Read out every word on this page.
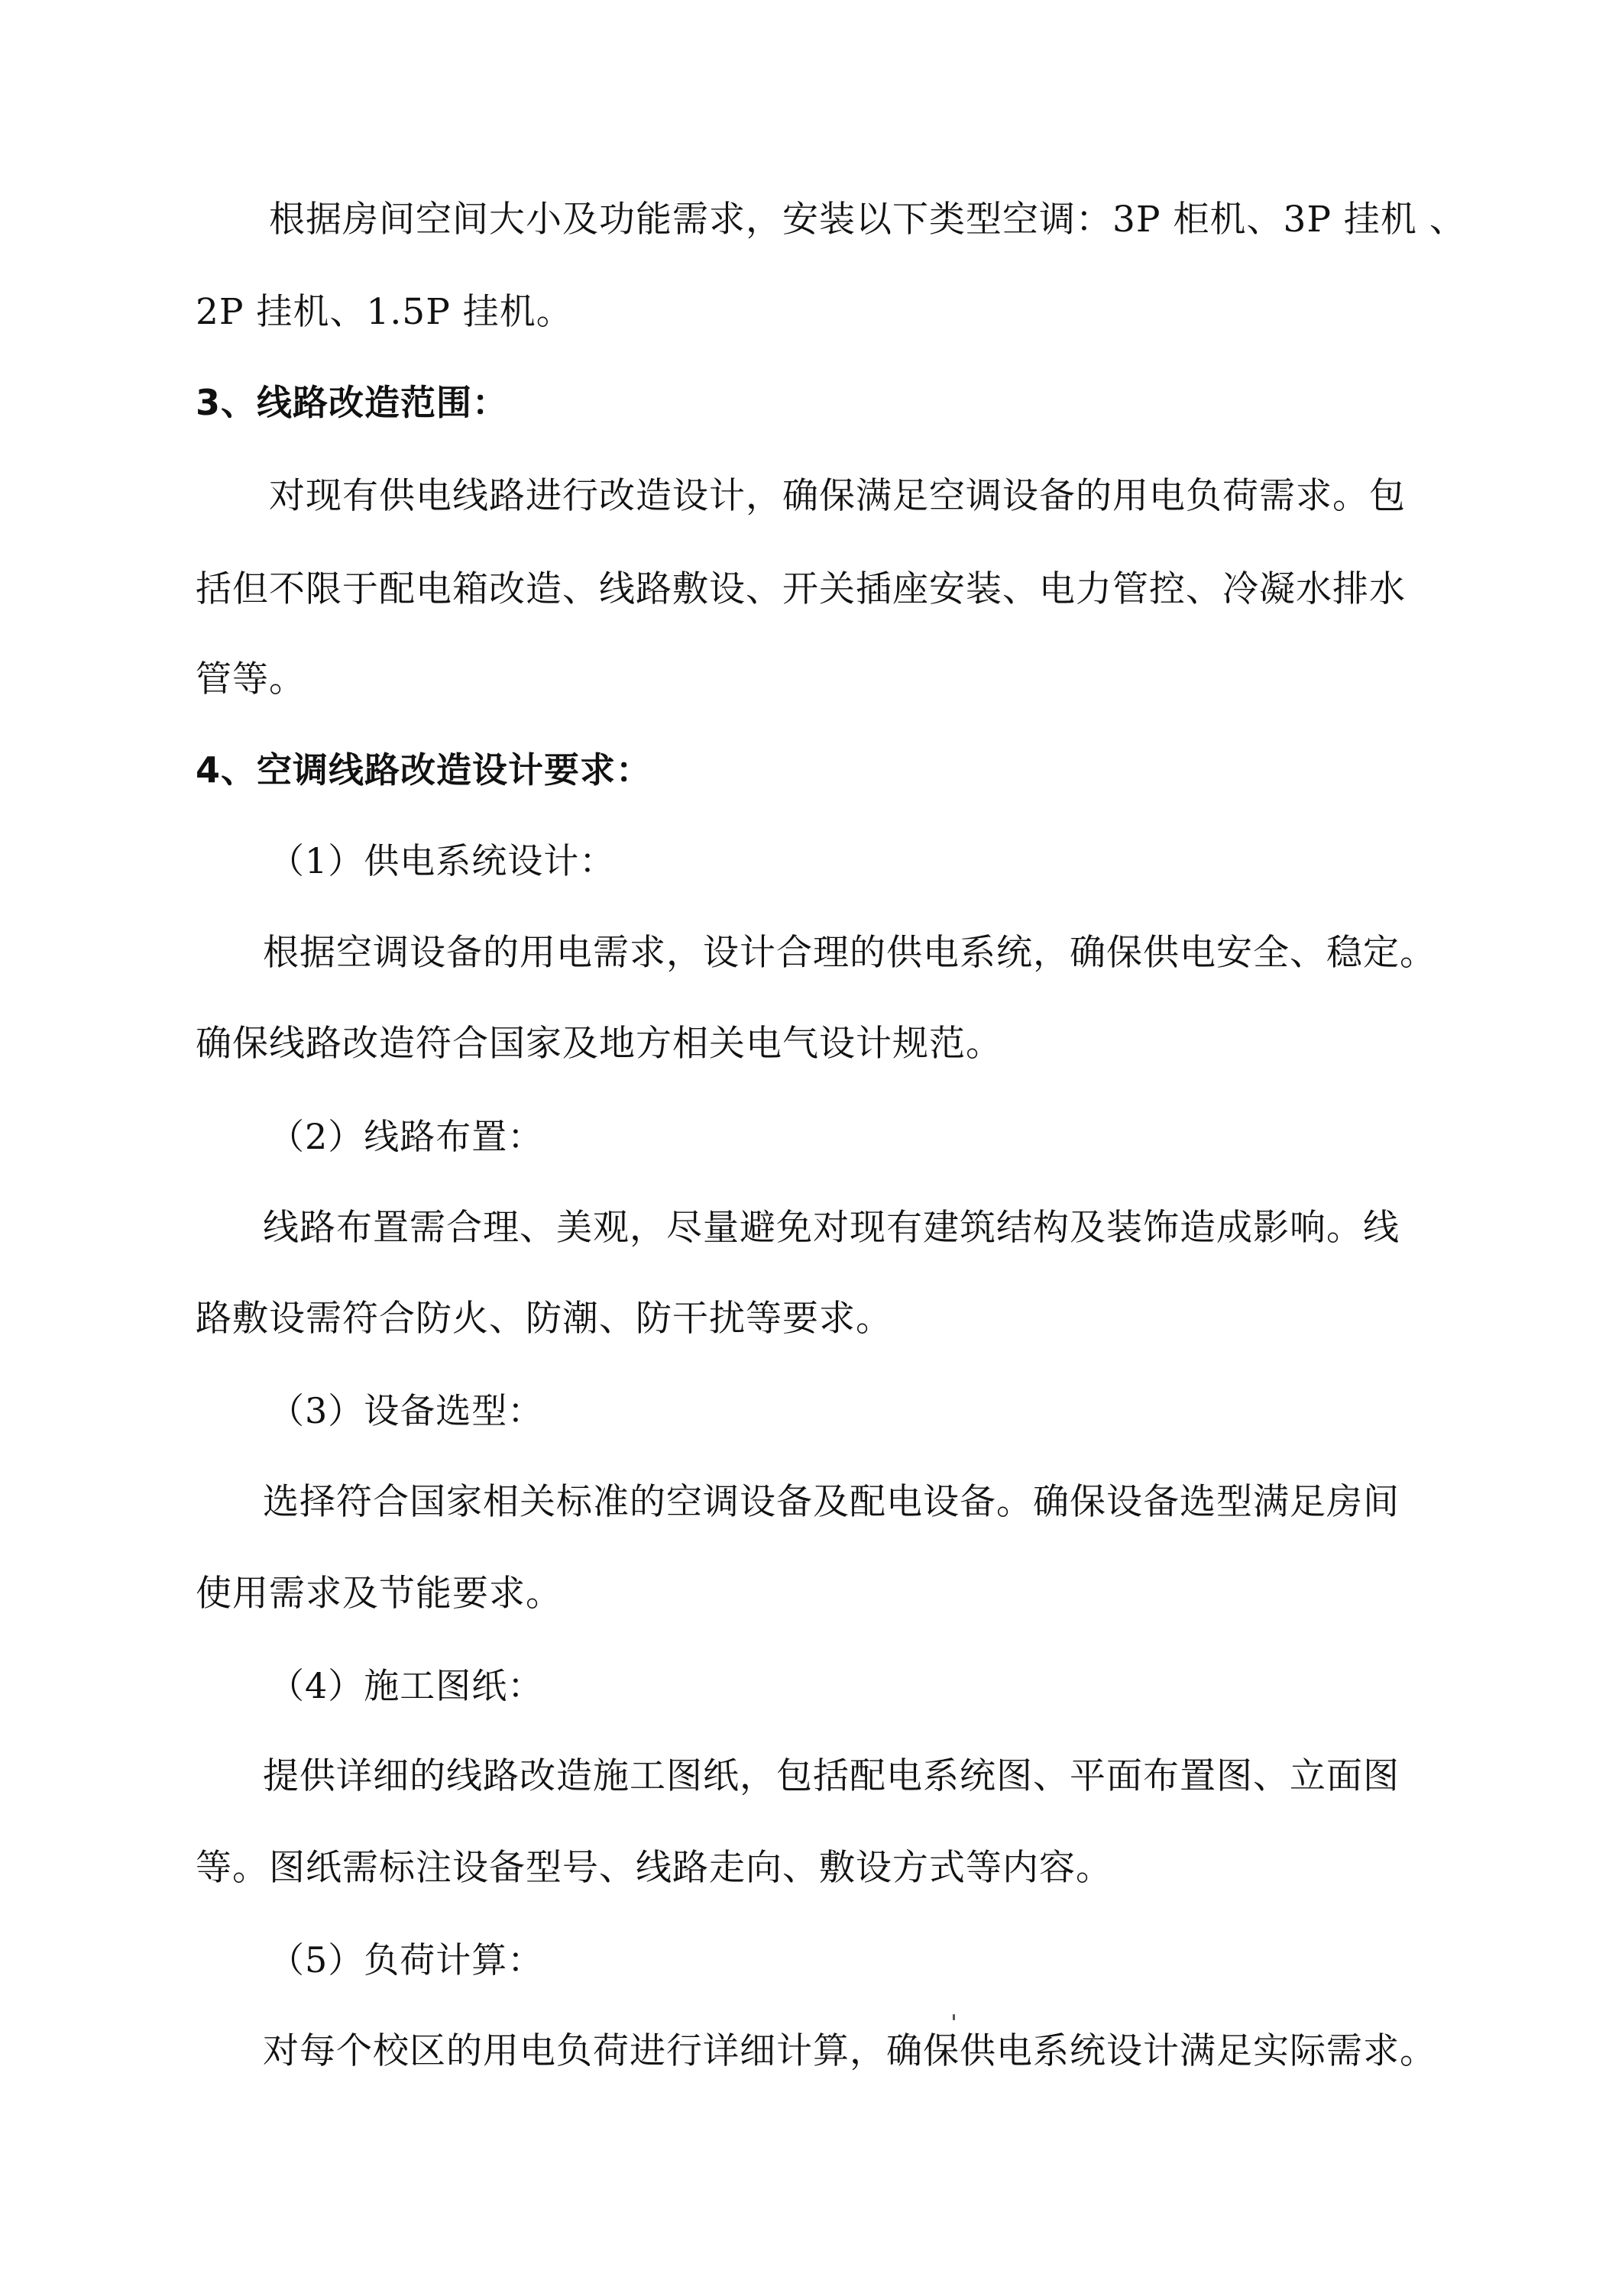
根据房间空间大小及功能需求，安装以下类型空调：3P 柜机、3P 挂机 、
2P 挂机、1.5P 挂机。
3、线路改造范围：
对现有供电线路进行改造设计，确保满足空调设备的用电负荷需求。包
括但不限于配电箱改造、线路敷设、开关插座安装、电力管控、冷凝水排水
管等。
4、空调线路改造设计要求：
（1）供电系统设计：
根据空调设备的用电需求，设计合理的供电系统，确保供电安全、稳定。
确保线路改造符合国家及地方相关电气设计规范。
（2）线路布置：
线路布置需合理、美观，尽量避免对现有建筑结构及装饰造成影响。线
路敷设需符合防火、防潮、防干扰等要求。
（3）设备选型：
选择符合国家相关标准的空调设备及配电设备。确保设备选型满足房间
使用需求及节能要求。
（4）施工图纸：
提供详细的线路改造施工图纸，包括配电系统图、平面布置图、立面图
等。图纸需标注设备型号、线路走向、敷设方式等内容。
（5）负荷计算：
对每个校区的用电负荷进行详细计算，确保供电系统设计满足实际需求。
